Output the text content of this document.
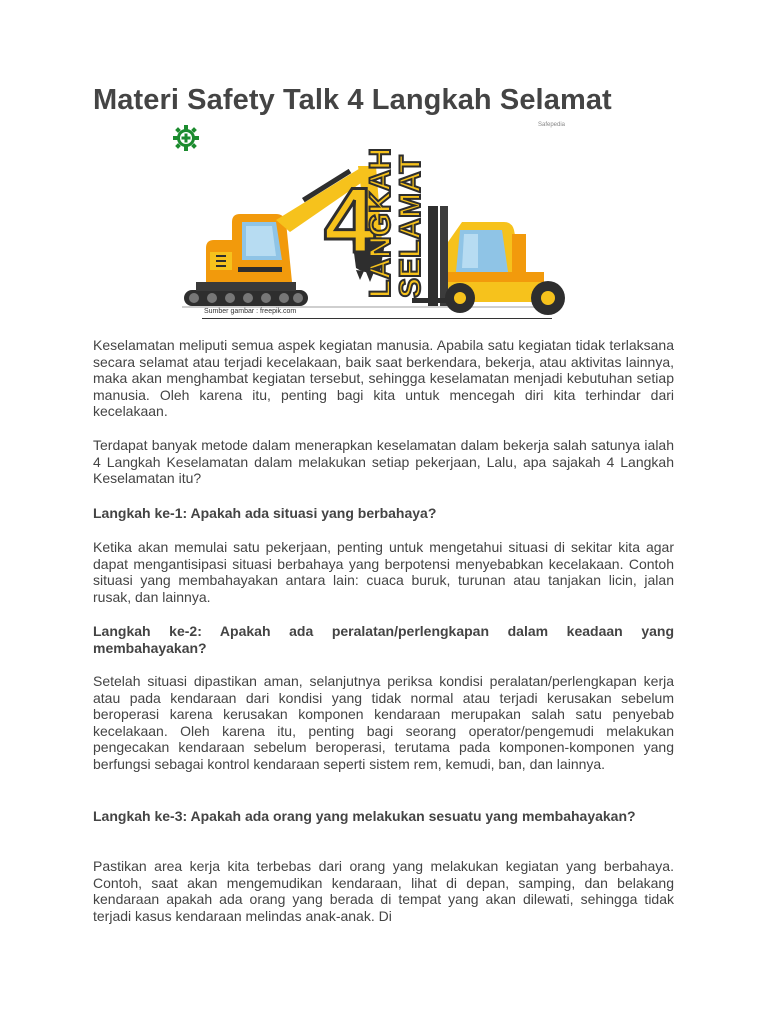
Materi Safety Talk 4 Langkah Selamat
4
LANGKAH
SELAMAT
Safepedia
Sumber gambar : freepik.com

Keselamatan meliputi semua aspek kegiatan manusia. Apabila satu kegiatan tidak terlaksana secara selamat atau terjadi kecelakaan, baik saat berkendara, bekerja, atau aktivitas lainnya, maka akan menghambat kegiatan tersebut, sehingga keselamatan menjadi kebutuhan setiap manusia. Oleh karena itu, penting bagi kita untuk mencegah diri kita terhindar dari kecelakaan.

Terdapat banyak metode dalam menerapkan keselamatan dalam bekerja salah satunya ialah 4 Langkah Keselamatan dalam melakukan setiap pekerjaan, Lalu, apa sajakah 4 Langkah Keselamatan itu?

Langkah ke-1: Apakah ada situasi yang berbahaya?

Ketika akan memulai satu pekerjaan, penting untuk mengetahui situasi di sekitar kita agar dapat mengantisipasi situasi berbahaya yang berpotensi menyebabkan kecelakaan. Contoh situasi yang membahayakan antara lain: cuaca buruk, turunan atau tanjakan licin, jalan rusak, dan lainnya.

Langkah ke-2: Apakah ada peralatan/perlengkapan dalam keadaan yang membahayakan?

Setelah situasi dipastikan aman, selanjutnya periksa kondisi peralatan/perlengkapan kerja atau pada kendaraan dari kondisi yang tidak normal atau terjadi kerusakan sebelum beroperasi karena kerusakan komponen kendaraan merupakan salah satu penyebab kecelakaan. Oleh karena itu, penting bagi seorang operator/pengemudi melakukan pengecakan kendaraan sebelum beroperasi, terutama pada komponen-komponen yang berfungsi sebagai kontrol kendaraan seperti sistem rem, kemudi, ban, dan lainnya.

Langkah ke-3: Apakah ada orang yang melakukan sesuatu yang membahayakan?

Pastikan area kerja kita terbebas dari orang yang melakukan kegiatan yang berbahaya. Contoh, saat akan mengemudikan kendaraan, lihat di depan, samping, dan belakang kendaraan apakah ada orang yang berada di tempat yang akan dilewati, sehingga tidak terjadi kasus kendaraan melindas anak-anak. Di
